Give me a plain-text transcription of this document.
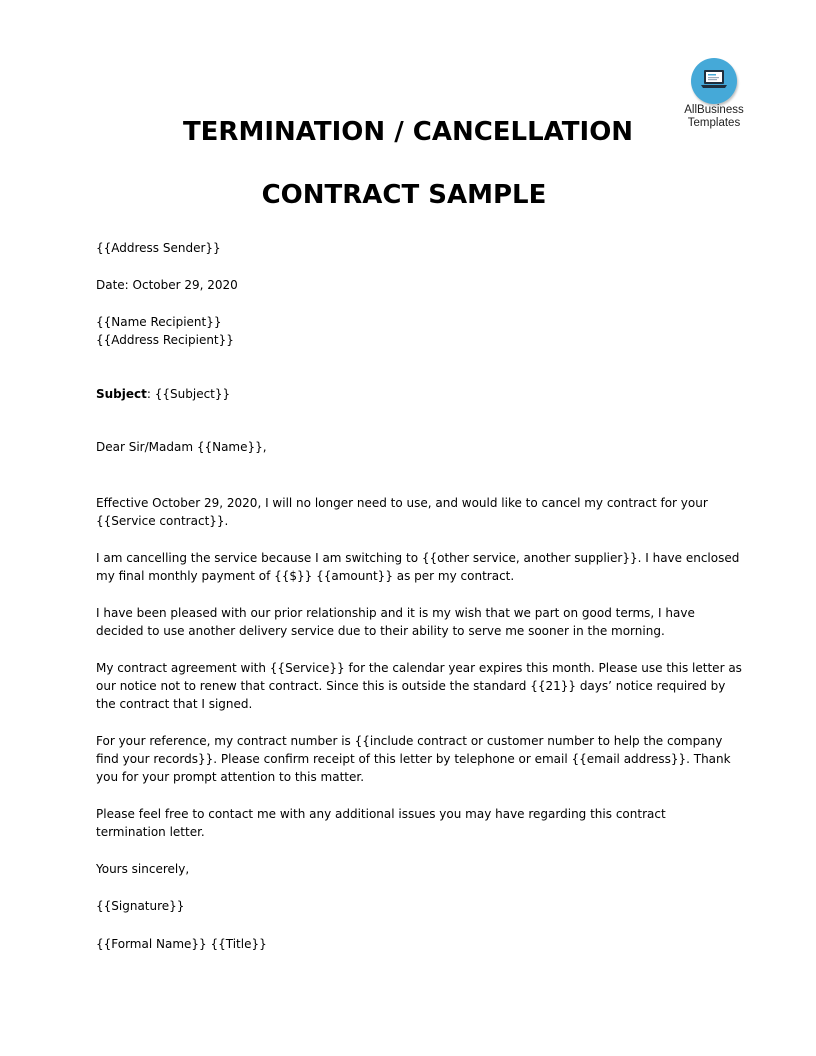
AllBusiness
Templates
TERMINATION / CANCELLATION
CONTRACT SAMPLE
{{Address Sender}}
Date: October 29, 2020
{{Name Recipient}}
{{Address Recipient}}
Subject: {{Subject}}
Dear Sir/Madam {{Name}},
Effective October 29, 2020, I will no longer need to use, and would like to cancel my contract for your
{{Service contract}}.
I am cancelling the service because I am switching to {{other service, another supplier}}. I have enclosed
my final monthly payment of {{$}} {{amount}} as per my contract.
I have been pleased with our prior relationship and it is my wish that we part on good terms, I have
decided to use another delivery service due to their ability to serve me sooner in the morning.
My contract agreement with {{Service}} for the calendar year expires this month. Please use this letter as
our notice not to renew that contract. Since this is outside the standard {{21}} days’ notice required by
the contract that I signed.
For your reference, my contract number is {{include contract or customer number to help the company
find your records}}. Please confirm receipt of this letter by telephone or email {{email address}}. Thank
you for your prompt attention to this matter.
Please feel free to contact me with any additional issues you may have regarding this contract
termination letter.
Yours sincerely,
{{Signature}}
{{Formal Name}} {{Title}}
